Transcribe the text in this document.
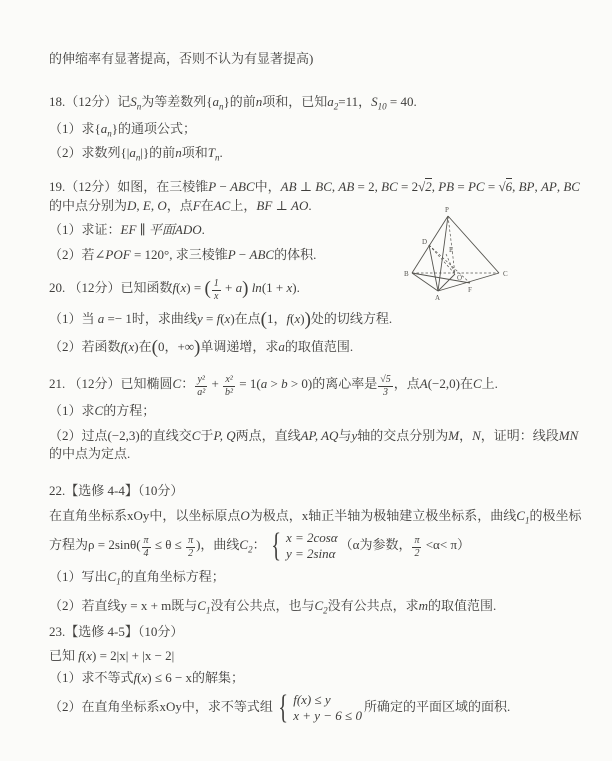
的伸缩率有显著提高，否则不认为有显著提高)
18.（12分）记$S_n$为等差数列$\{a_n\}$的前n项和，已知$a_2=11$，$S_{10} = 40$.
（1）求$\{a_n\}$的通项公式；
（2）求数列$\{|a_n|\}$的前n项和$T_n$.
19.（12分）如图，在三棱锥P − ABC中，AB ⊥ BC, AB = 2, BC = 2√2, PB = PC = √6, BP, AP, BC
的中点分别为D, E, O，点F在AC上，BF ⊥ AO.
（1）求证：EF ∥ 平面ADO.
（2）若∠POF = 120°, 求三棱锥P − ABC的体积.
20. （12分）已知函数f(x) = ( $\frac{1}{x} + a$) ln(1 + x).
（1）当 a =− 1时，求曲线y = f(x)在点(1，f(x))处的切线方程.
（2）若函数f(x)在(0，+∞)单调递增，求a的取值范围.
21. （12分）已知椭圆C： $\frac{\text{y²}}{\text{a²}} + \frac{\text{x²}}{\text{b²}} = 1(a > b > 0)$的离心率是 $\frac{√5}{3}$ ，点A(−2,0)在C上.
（1）求C的方程；
（2）过点(−2,3)的直线交C于P, Q两点，直线AP, AQ与y轴的交点分别为M，N，证明：线段MN
的中点为定点.
22.【选修 4-4】（10分）
在直角坐标系xOy中，以坐标原点O为极点，x轴正半轴为极轴建立极坐标系，曲线$C_1$的极坐标
方程为$\rho = 2\sin\theta( \frac{\pi}{4} \le \theta \le \frac{\pi}{2}$ )，曲线$C_2$： { x = 2cosα
y = 2sinα
（α为参数， $\frac{\pi}{2} <\alpha< \pi$）
（1）写出$C_1$的直角坐标方程；
（2）若直线y = x + m既与$C_1$没有公共点，也与$C_2$没有公共点，求m的取值范围.
23.【选修 4-5】（10分）
已知 f(x) = 2|x| + |x − 2|
（1）求不等式f(x) ≤ 6 − x的解集；
（2）在直角坐标系xOy中，求不等式组 { f(x) ≤ y
x + y − 6 ≤ 0
所确定的平面区域的面积.
P
D
E
B	O	C
F
A
